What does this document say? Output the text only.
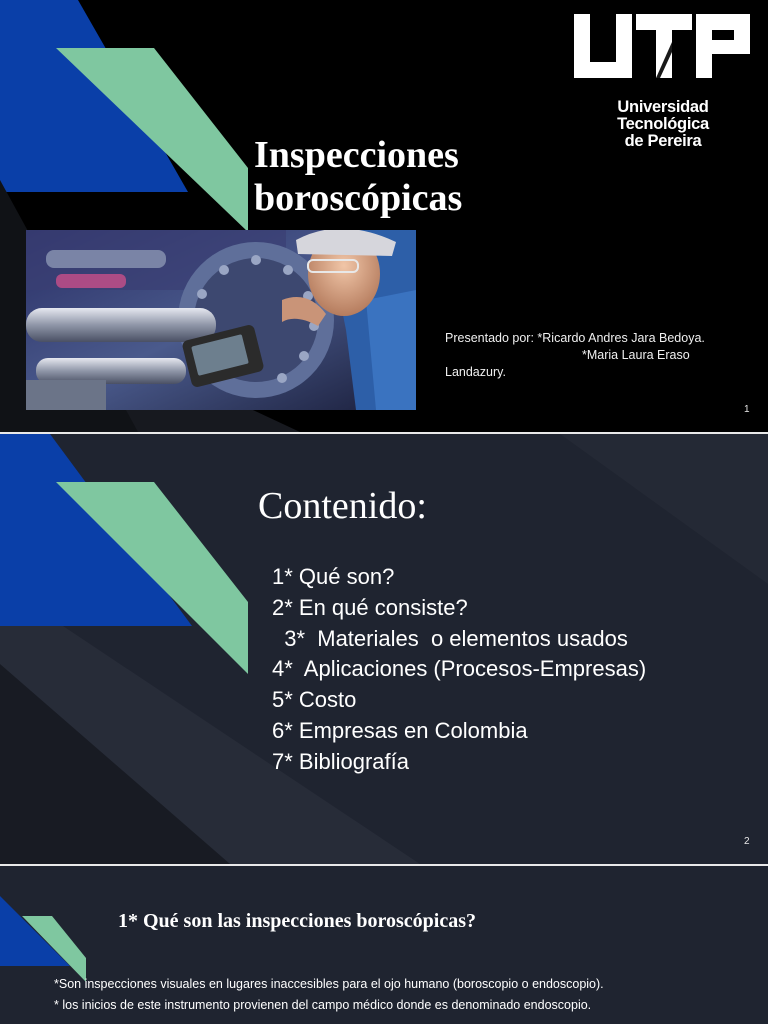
Inspecciones
boroscópicas
Universidad Tecnológica
de Pereira
Presentado por: *Ricardo Andres Jara Bedoya.
*Maria Laura Eraso
Landazury.
1
Contenido:
1* Qué son?
2* En qué consiste?
3*  Materiales  o elementos usados
4*  Aplicaciones (Procesos-Empresas)
5* Costo
6* Empresas en Colombia
7* Bibliografía
2
1* Qué son las inspecciones boroscópicas?

*Son inspecciones visuales en lugares inaccesibles para el ojo humano (boroscopio o endoscopio).

* los inicios de este instrumento provienen del campo médico donde es denominado endoscopio.
